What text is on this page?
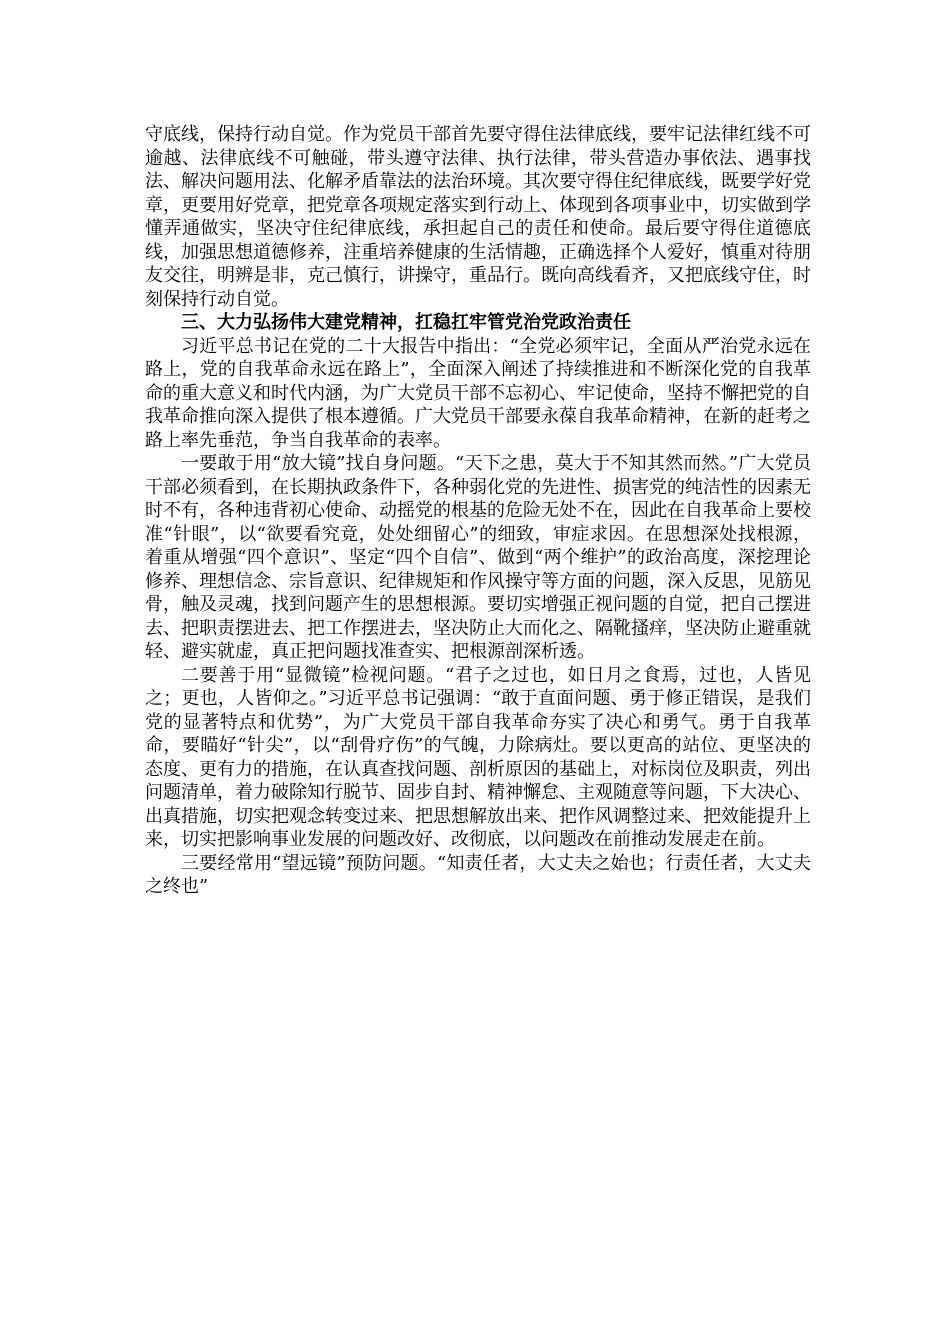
守底线，保持行动自觉。作为党员干部首先要守得住法律底线，要牢记法律红线不可逾越、法律底线不可触碰，带头遵守法律、执行法律，带头营造办事依法、遇事找法、解决问题用法、化解矛盾靠法的法治环境。其次要守得住纪律底线，既要学好党章，更要用好党章，把党章各项规定落实到行动上、体现到各项事业中，切实做到学懂弄通做实，坚决守住纪律底线，承担起自己的责任和使命。最后要守得住道德底线，加强思想道德修养，注重培养健康的生活情趣，正确选择个人爱好，慎重对待朋友交往，明辨是非，克己慎行，讲操守，重品行。既向高线看齐，又把底线守住，时刻保持行动自觉。

三、大力弘扬伟大建党精神，扛稳扛牢管党治党政治责任

习近平总书记在党的二十大报告中指出：“全党必须牢记，全面从严治党永远在路上，党的自我革命永远在路上”，全面深入阐述了持续推进和不断深化党的自我革命的重大意义和时代内涵，为广大党员干部不忘初心、牢记使命，坚持不懈把党的自我革命推向深入提供了根本遵循。广大党员干部要永葆自我革命精神，在新的赶考之路上率先垂范，争当自我革命的表率。

一要敢于用“放大镜”找自身问题。“天下之患，莫大于不知其然而然。”广大党员干部必须看到，在长期执政条件下，各种弱化党的先进性、损害党的纯洁性的因素无时不有，各种违背初心使命、动摇党的根基的危险无处不在，因此在自我革命上要校准“针眼”，以“欲要看究竟，处处细留心”的细致，审症求因。在思想深处找根源，着重从增强“四个意识”、坚定“四个自信”、做到“两个维护”的政治高度，深挖理论修养、理想信念、宗旨意识、纪律规矩和作风操守等方面的问题，深入反思，见筋见骨，触及灵魂，找到问题产生的思想根源。要切实增强正视问题的自觉，把自己摆进去、把职责摆进去、把工作摆进去，坚决防止大而化之、隔靴搔痒，坚决防止避重就轻、避实就虚，真正把问题找准查实、把根源剖深析透。

二要善于用“显微镜”检视问题。“君子之过也，如日月之食焉，过也，人皆见之；更也，人皆仰之。”习近平总书记强调：“敢于直面问题、勇于修正错误，是我们党的显著特点和优势”，为广大党员干部自我革命夯实了决心和勇气。勇于自我革命，要瞄好“针尖”，以“刮骨疗伤”的气魄，力除病灶。要以更高的站位、更坚决的态度、更有力的措施，在认真查找问题、剖析原因的基础上，对标岗位及职责，列出问题清单，着力破除知行脱节、固步自封、精神懈怠、主观随意等问题，下大决心、出真措施，切实把观念转变过来、把思想解放出来、把作风调整过来、把效能提升上来，切实把影响事业发展的问题改好、改彻底，以问题改在前推动发展走在前。

三要经常用“望远镜”预防问题。“知责任者，大丈夫之始也；行责任者，大丈夫之终也”
